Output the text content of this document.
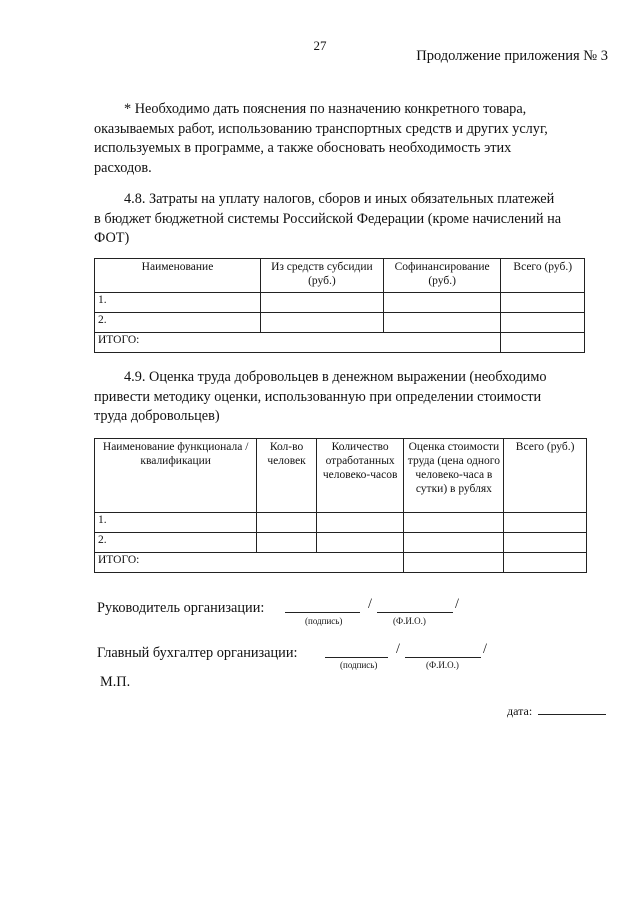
27
Продолжение приложения № 3

* Необходимо дать пояснения по назначению конкретного товара,

оказываемых работ, использованию транспортных средств и других услуг,

используемых в программе, а также обосновать необходимость этих

расходов.

4.8. Затраты на уплату налогов, сборов и иных обязательных платежей

в бюджет бюджетной системы Российской Федерации (кроме начислений на

ФОТ)

Наименование	Из средств субсидии (руб.)	Софинансирование (руб.)	Всего (руб.)
1.			
2.			
ИТОГО:			

4.9. Оценка труда добровольцев в денежном выражении (необходимо

привести методику оценки, использованную при определении стоимости

труда добровольцев)

Наименование функционала / квалификации	Кол-во человек	Количество отработанных человеко-часов	Оценка стоимости труда (цена одного человеко-часа в сутки) в рублях	Всего (руб.)
1.				
2.				
ИТОГО:				
Руководитель организации:	/	/
(подпись)	(Ф.И.О.)
Главный бухгалтер организации:	/	/
(подпись)	(Ф.И.О.)
М.П.
дата:
